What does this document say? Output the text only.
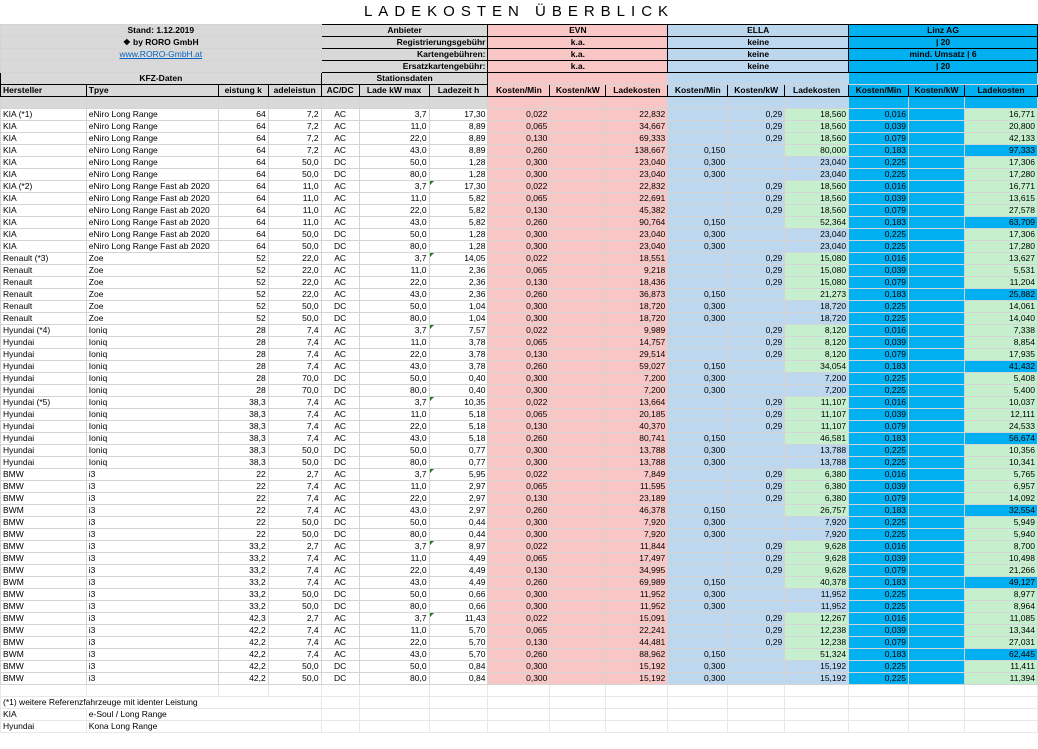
LADEKOSTEN ÜBERBLICK
Stand: 1.12.2019				Anbieter			EVN			ELLA			Linz AG		
❖ by RORO GmbH				Registrierungsgebühr			k.a.			keine			| 20		
www.RORO-GmbH.at				Kartengebühren:			k.a.			keine			mind. Umsatz | 6		
				Ersatzkartengebühr:			k.a.			keine			| 20		
KFZ-Daten				Stationsdaten											
Hersteller	Tpye	eistung k	adeleistun	AC/DC	Lade kW max	Ladezeit h	Kosten/Min	Kosten/kW	Ladekosten	Kosten/Min	Kosten/kW	Ladekosten	Kosten/Min	Kosten/kW	Ladekosten

KIA (*1)	eNiro Long Range	64	7,2	AC	3,7	17,30	0,022		22,832		0,29	18,560	0,016		16,771
KIA	eNiro Long Range	64	7,2	AC	11,0	8,89	0,065		34,667		0,29	18,560	0,039		20,800
KIA	eNiro Long Range	64	7,2	AC	22,0	8,89	0,130		69,333		0,29	18,560	0,079		42,133
KIA	eNiro Long Range	64	7,2	AC	43,0	8,89	0,260		138,667	0,150		80,000	0,183		97,333
KIA	eNiro Long Range	64	50,0	DC	50,0	1,28	0,300		23,040	0,300		23,040	0,225		17,306
KIA	eNiro Long Range	64	50,0	DC	80,0	1,28	0,300		23,040	0,300		23,040	0,225		17,280
KIA (*2)	eNiro Long Range Fast ab 2020	64	11,0	AC	3,7	17,30	0,022		22,832		0,29	18,560	0,016		16,771
KIA	eNiro Long Range Fast ab 2020	64	11,0	AC	11,0	5,82	0,065		22,691		0,29	18,560	0,039		13,615
KIA	eNiro Long Range Fast ab 2020	64	11,0	AC	22,0	5,82	0,130		45,382		0,29	18,560	0,079		27,578
KIA	eNiro Long Range Fast ab 2020	64	11,0	AC	43,0	5,82	0,260		90,764	0,150		52,364	0,183		63,709
KIA	eNiro Long Range Fast ab 2020	64	50,0	DC	50,0	1,28	0,300		23,040	0,300		23,040	0,225		17,306
KIA	eNiro Long Range Fast ab 2020	64	50,0	DC	80,0	1,28	0,300		23,040	0,300		23,040	0,225		17,280
Renault (*3)	Zoe	52	22,0	AC	3,7	14,05	0,022		18,551		0,29	15,080	0,016		13,627
Renault	Zoe	52	22,0	AC	11,0	2,36	0,065		9,218		0,29	15,080	0,039		5,531
Renault	Zoe	52	22,0	AC	22,0	2,36	0,130		18,436		0,29	15,080	0,079		11,204
Renault	Zoe	52	22,0	AC	43,0	2,36	0,260		36,873	0,150		21,273	0,183		25,882
Renault	Zoe	52	50,0	DC	50,0	1,04	0,300		18,720	0,300		18,720	0,225		14,061
Renault	Zoe	52	50,0	DC	80,0	1,04	0,300		18,720	0,300		18,720	0,225		14,040
Hyundai (*4)	Ioniq	28	7,4	AC	3,7	7,57	0,022		9,989		0,29	8,120	0,016		7,338
Hyundai	Ioniq	28	7,4	AC	11,0	3,78	0,065		14,757		0,29	8,120	0,039		8,854
Hyundai	Ioniq	28	7,4	AC	22,0	3,78	0,130		29,514		0,29	8,120	0,079		17,935
Hyundai	Ioniq	28	7,4	AC	43,0	3,78	0,260		59,027	0,150		34,054	0,183		41,432
Hyundai	Ioniq	28	70,0	DC	50,0	0,40	0,300		7,200	0,300		7,200	0,225		5,408
Hyundai	Ioniq	28	70,0	DC	80,0	0,40	0,300		7,200	0,300		7,200	0,225		5,400
Hyundai (*5)	Ioniq	38,3	7,4	AC	3,7	10,35	0,022		13,664		0,29	11,107	0,016		10,037
Hyundai	Ioniq	38,3	7,4	AC	11,0	5,18	0,065		20,185		0,29	11,107	0,039		12,111
Hyundai	Ioniq	38,3	7,4	AC	22,0	5,18	0,130		40,370		0,29	11,107	0,079		24,533
Hyundai	Ioniq	38,3	7,4	AC	43,0	5,18	0,260		80,741	0,150		46,581	0,183		56,674
Hyundai	Ioniq	38,3	50,0	DC	50,0	0,77	0,300		13,788	0,300		13,788	0,225		10,356
Hyundai	Ioniq	38,3	50,0	DC	80,0	0,77	0,300		13,788	0,300		13,788	0,225		10,341
BMW	i3	22	2,7	AC	3,7	5,95	0,022		7,849		0,29	6,380	0,016		5,765
BMW	i3	22	7,4	AC	11,0	2,97	0,065		11,595		0,29	6,380	0,039		6,957
BMW	i3	22	7,4	AC	22,0	2,97	0,130		23,189		0,29	6,380	0,079		14,092
BWM	i3	22	7,4	AC	43,0	2,97	0,260		46,378	0,150		26,757	0,183		32,554
BMW	i3	22	50,0	DC	50,0	0,44	0,300		7,920	0,300		7,920	0,225		5,949
BMW	i3	22	50,0	DC	80,0	0,44	0,300		7,920	0,300		7,920	0,225		5,940
BMW	i3	33,2	2,7	AC	3,7	8,97	0,022		11,844		0,29	9,628	0,016		8,700
BMW	i3	33,2	7,4	AC	11,0	4,49	0,065		17,497		0,29	9,628	0,039		10,498
BMW	i3	33,2	7,4	AC	22,0	4,49	0,130		34,995		0,29	9,628	0,079		21,266
BWM	i3	33,2	7,4	AC	43,0	4,49	0,260		69,989	0,150		40,378	0,183		49,127
BMW	i3	33,2	50,0	DC	50,0	0,66	0,300		11,952	0,300		11,952	0,225		8,977
BMW	i3	33,2	50,0	DC	80,0	0,66	0,300		11,952	0,300		11,952	0,225		8,964
BMW	i3	42,3	2,7	AC	3,7	11,43	0,022		15,091		0,29	12,267	0,016		11,085
BMW	i3	42,2	7,4	AC	11,0	5,70	0,065		22,241		0,29	12,238	0,039		13,344
BMW	i3	42,2	7,4	AC	22,0	5,70	0,130		44,481		0,29	12,238	0,079		27,031
BWM	i3	42,2	7,4	AC	43,0	5,70	0,260		88,962	0,150		51,324	0,183		62,445
BMW	i3	42,2	50,0	DC	50,0	0,84	0,300		15,192	0,300		15,192	0,225		11,411
BMW	i3	42,2	50,0	DC	80,0	0,84	0,300		15,192	0,300		15,192	0,225		11,394

(*1) weitere Referenzfahrzeuge mit identer Leistung															
KIA	e-Soul / Long Range														
Hyundai	Kona Long Range														
